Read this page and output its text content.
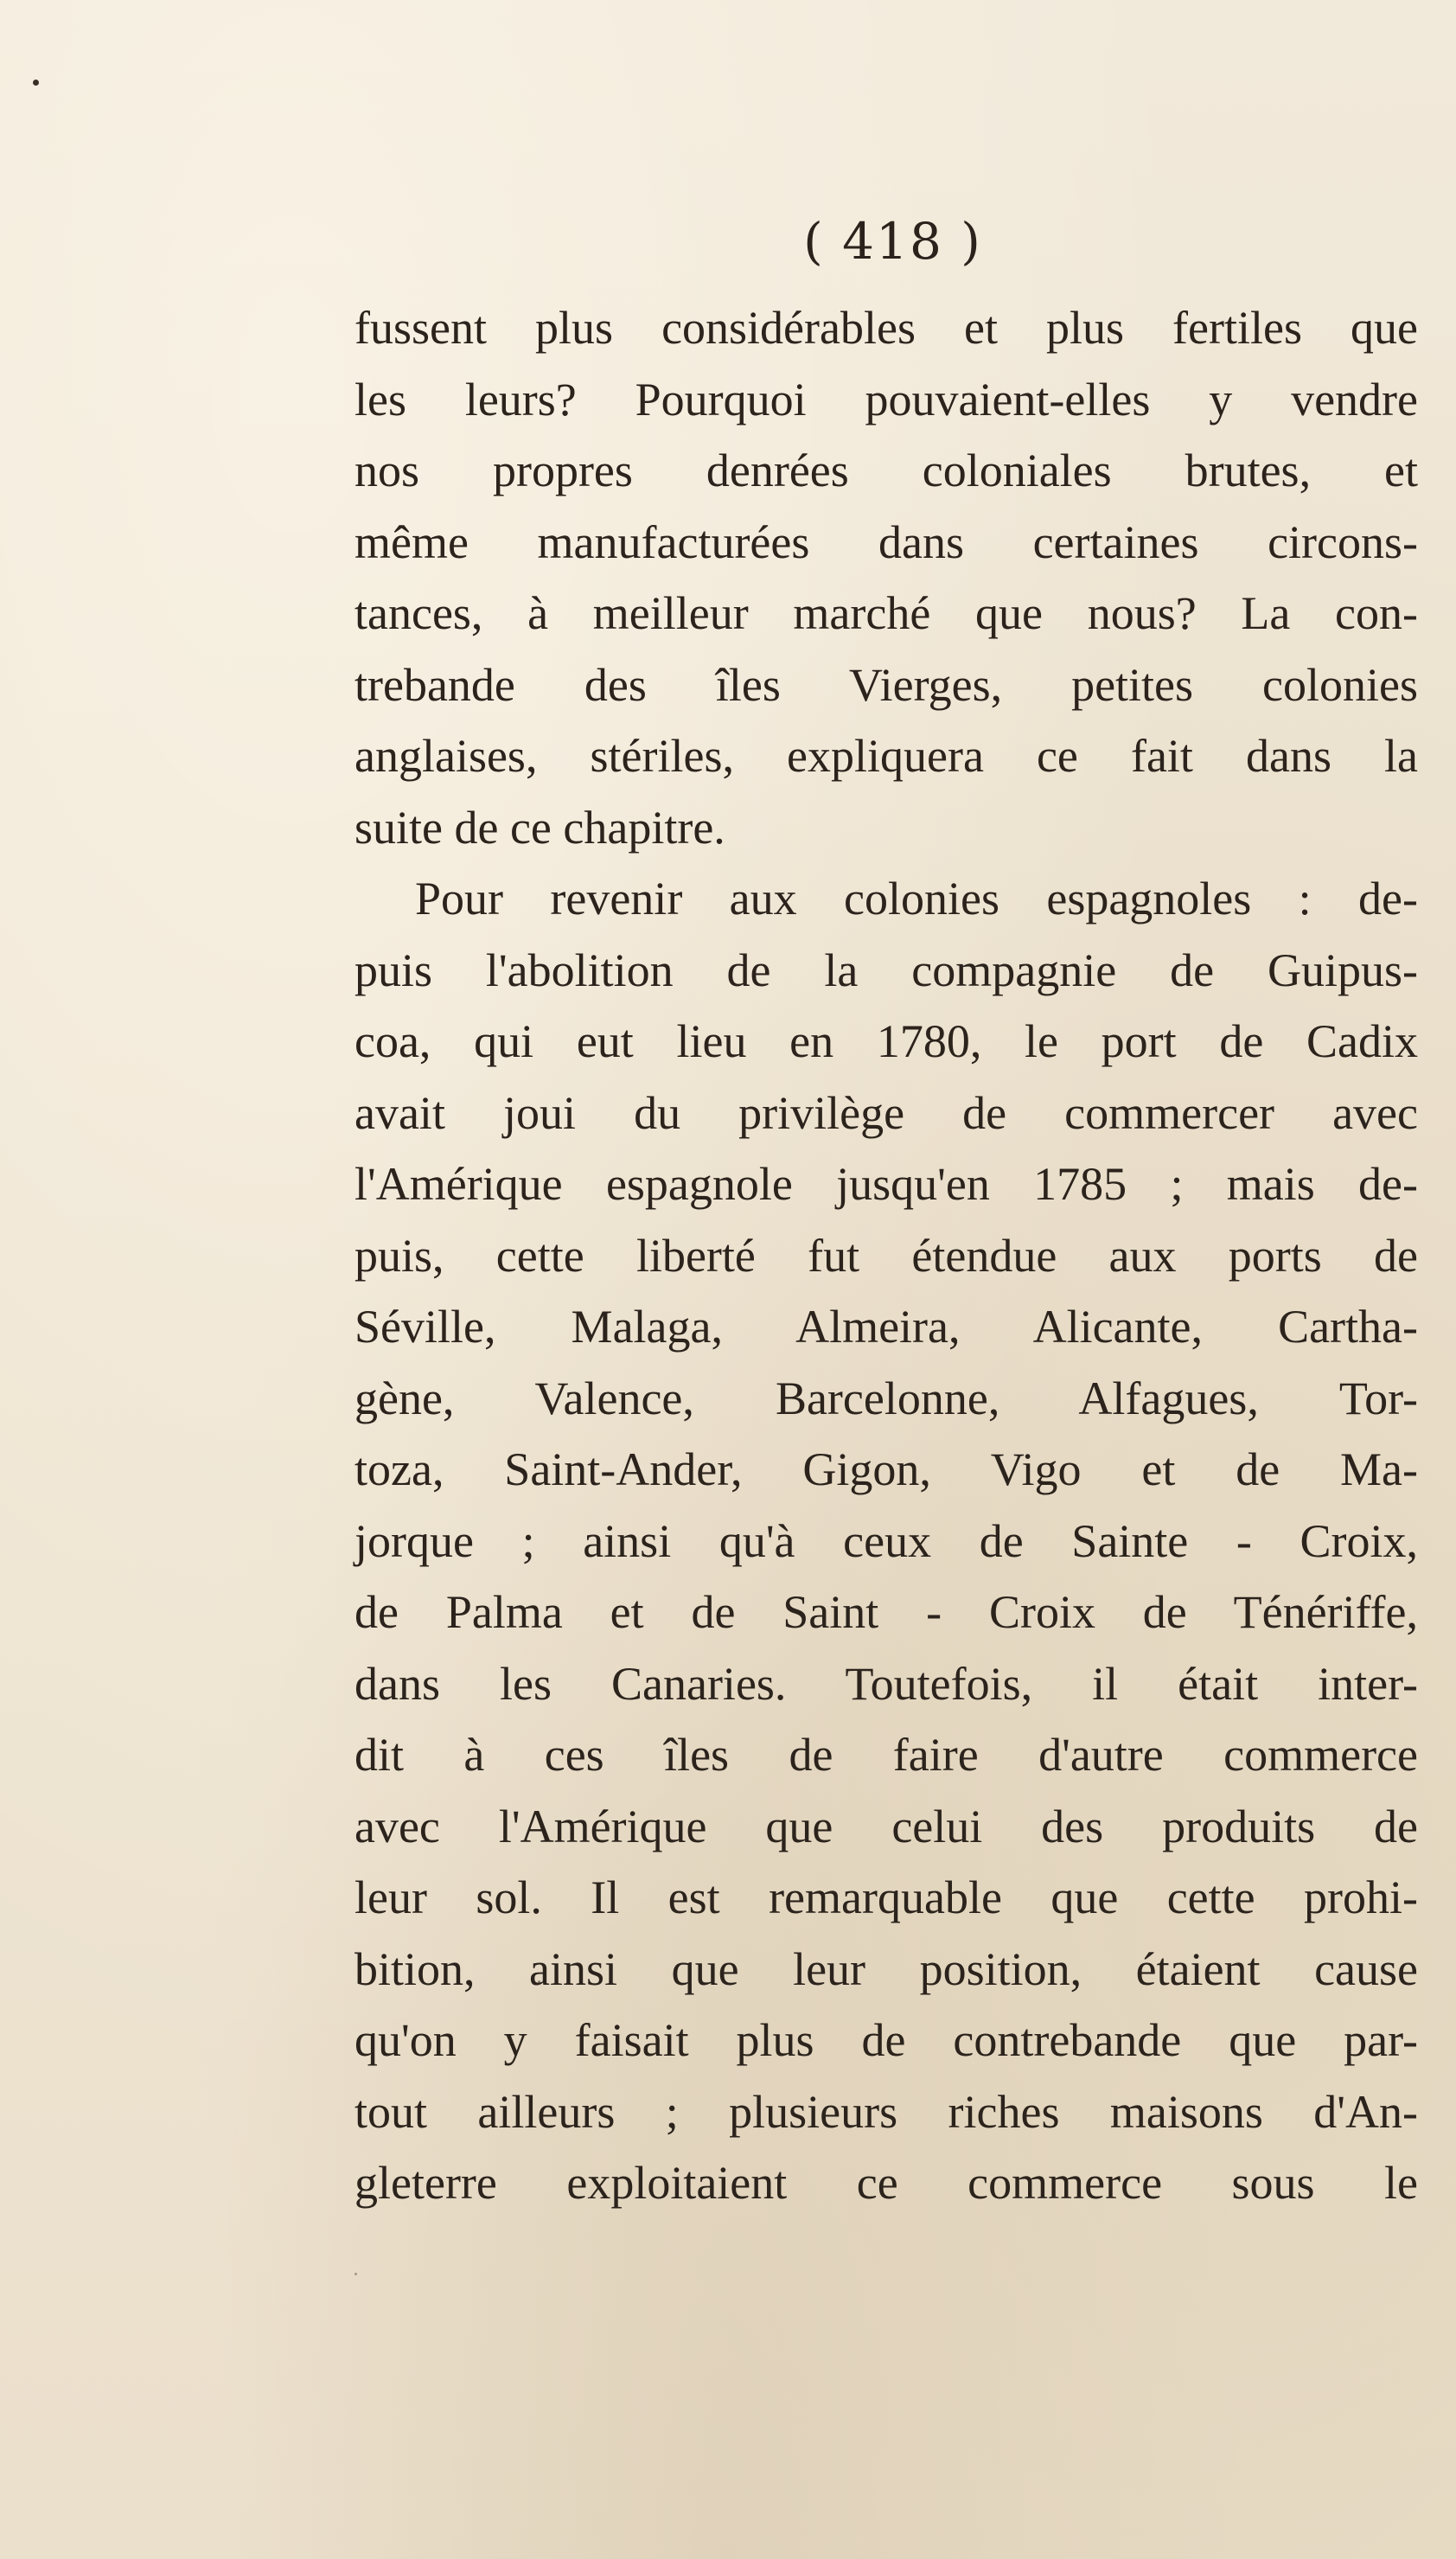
( 418 )
fussent plus considérables et plus fertiles que
les leurs? Pourquoi pouvaient-elles y vendre
nos propres denrées coloniales brutes, et
même manufacturées dans certaines circons-
tances, à meilleur marché que nous? La con-
trebande des îles Vierges, petites colonies
anglaises, stériles, expliquera ce fait dans la
suite de ce chapitre.
Pour revenir aux colonies espagnoles : de-
puis l'abolition de la compagnie de Guipus-
coa, qui eut lieu en 1780, le port de Cadix
avait joui du privilège de commercer avec
l'Amérique espagnole jusqu'en 1785 ; mais de-
puis, cette liberté fut étendue aux ports de
Séville, Malaga, Almeira, Alicante, Cartha-
gène, Valence, Barcelonne, Alfagues, Tor-
toza, Saint-Ander, Gigon, Vigo et de Ma-
jorque ; ainsi qu'à ceux de Sainte - Croix,
de Palma et de Saint - Croix de Ténériffe,
dans les Canaries. Toutefois, il était inter-
dit à ces îles de faire d'autre commerce
avec l'Amérique que celui des produits de
leur sol. Il est remarquable que cette prohi-
bition, ainsi que leur position, étaient cause
qu'on y faisait plus de contrebande que par-
tout ailleurs ; plusieurs riches maisons d'An-
gleterre exploitaient ce commerce sous le
